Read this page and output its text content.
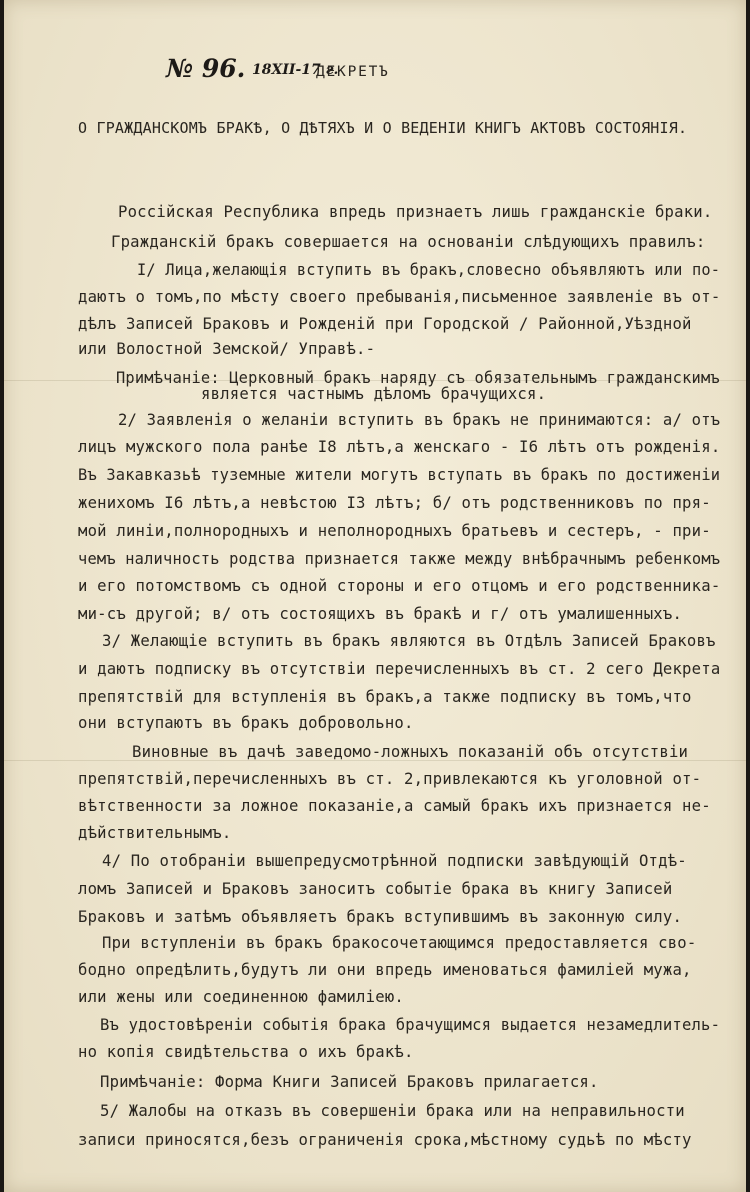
№ 96. 18XII-17 г.
ДЕКРЕТЪ
О ГРАЖДАНСКОМЪ БРАКѢ, О ДѢТЯХЪ И О ВЕДЕНІИ КНИГЪ АКТОВЪ СОСТОЯНІЯ.
Россійская Республика впредь признаетъ лишь гражданскіе браки.
Гражданскій бракъ совершается на основаніи слѣдующихъ правилъ:
I/ Лица,желающія вступить въ бракъ,словесно объявляютъ или по-
даютъ о томъ,по мѣсту своего пребыванія,письменное заявленіе въ от-
дѣлъ Записей Браковъ и Рожденій при Городской / Районной,Уѣздной
или Волостной Земской/ Управѣ.-
Примѣчаніе: Церковный бракъ наряду съ обязательнымъ гражданскимъ
является частнымъ дѣломъ брачущихся.
2/ Заявленія о желаніи вступить въ бракъ не принимаются: а/ отъ
лицъ мужского пола ранѣе I8 лѣтъ,а женскаго - I6 лѣтъ отъ рожденія.
Въ Закавказьѣ туземные жители могутъ вступать въ бракъ по достиженіи
женихомъ I6 лѣтъ,а невѣстою I3 лѣтъ; б/ отъ родственниковъ по пря-
мой линіи,полнородныхъ и неполнородныхъ братьевъ и сестеръ, - при-
чемъ наличность родства признается также между внѣбрачнымъ ребенкомъ
и его потомствомъ съ одной стороны и его отцомъ и его родственника-
ми-съ другой; в/ отъ состоящихъ въ бракѣ и г/ отъ умалишенныхъ.
3/ Желающіе вступить въ бракъ являются въ Отдѣлъ Записей Браковъ
и даютъ подписку въ отсутствіи перечисленныхъ въ ст. 2 сего Декрета
препятствій для вступленія въ бракъ,а также подписку въ томъ,что
они вступаютъ въ бракъ добровольно.
Виновные въ дачѣ заведомо-ложныхъ показаній объ отсутствіи
препятствій,перечисленныхъ въ ст. 2,привлекаются къ уголовной от-
вѣтственности за ложное показаніе,а самый бракъ ихъ признается не-
дѣйствительнымъ.
4/ По отобраніи вышепредусмотрѣнной подписки завѣдующій Отдѣ-
ломъ Записей и Браковъ заноситъ событіе брака въ книгу Записей
Браковъ и затѣмъ объявляетъ бракъ вступившимъ въ законную силу.
При вступленіи въ бракъ бракосочетающимся предоставляется сво-
бодно опредѣлить,будутъ ли они впредь именоваться фамиліей мужа,
или жены или соединенною фамиліею.
Въ удостовѣреніи событія брака брачущимся выдается незамедлитель-
но копія свидѣтельства о ихъ бракѣ.
Примѣчаніе: Форма Книги Записей Браковъ прилагается.
5/ Жалобы на отказъ въ совершеніи брака или на неправильности
записи приносятся,безъ ограниченія срока,мѣстному судьѣ по мѣсту
